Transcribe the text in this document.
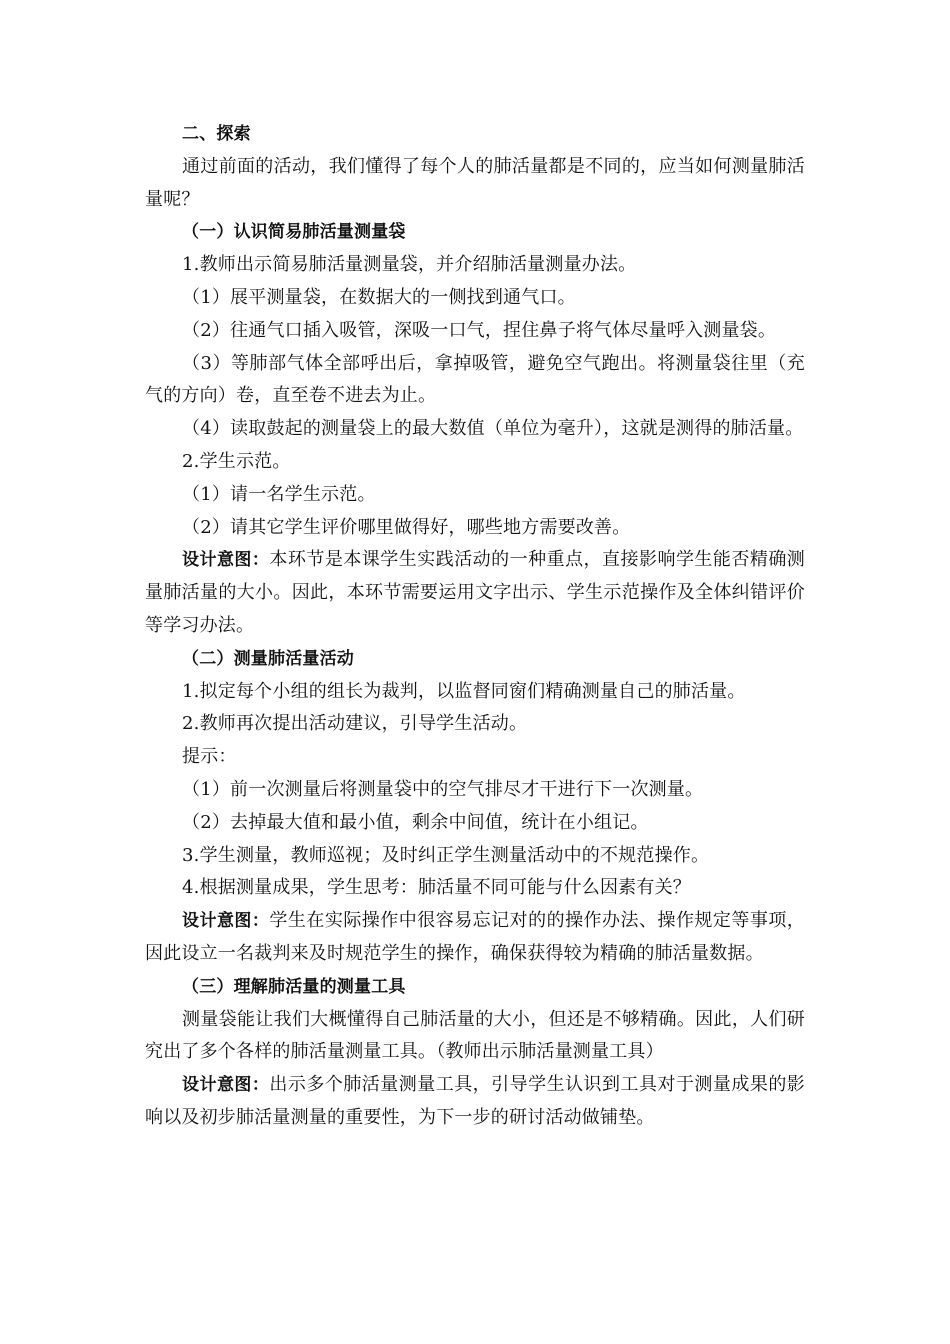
二、探索

通过前面的活动，我们懂得了每个人的肺活量都是不同的，应当如何测量肺活量呢？

（一）认识简易肺活量测量袋

1.教师出示简易肺活量测量袋，并介绍肺活量测量办法。

（1）展平测量袋，在数据大的一侧找到通气口。

（2）往通气口插入吸管，深吸一口气，捏住鼻子将气体尽量呼入测量袋。

（3）等肺部气体全部呼出后，拿掉吸管，避免空气跑出。将测量袋往里（充气的方向）卷，直至卷不进去为止。

（4）读取鼓起的测量袋上的最大数值（单位为毫升），这就是测得的肺活量。

2.学生示范。

（1）请一名学生示范。

（2）请其它学生评价哪里做得好，哪些地方需要改善。

设计意图：本环节是本课学生实践活动的一种重点，直接影响学生能否精确测量肺活量的大小。因此，本环节需要运用文字出示、学生示范操作及全体纠错评价等学习办法。

（二）测量肺活量活动

1.拟定每个小组的组长为裁判，以监督同窗们精确测量自己的肺活量。

2.教师再次提出活动建议，引导学生活动。

提示：

（1）前一次测量后将测量袋中的空气排尽才干进行下一次测量。

（2）去掉最大值和最小值，剩余中间值，统计在小组记。

3.学生测量，教师巡视；及时纠正学生测量活动中的不规范操作。

4.根据测量成果，学生思考：肺活量不同可能与什么因素有关？

设计意图：学生在实际操作中很容易忘记对的的操作办法、操作规定等事项，因此设立一名裁判来及时规范学生的操作，确保获得较为精确的肺活量数据。

（三）理解肺活量的测量工具

测量袋能让我们大概懂得自己肺活量的大小，但还是不够精确。因此，人们研究出了多个各样的肺活量测量工具。（教师出示肺活量测量工具）

设计意图：出示多个肺活量测量工具，引导学生认识到工具对于测量成果的影响以及初步肺活量测量的重要性，为下一步的研讨活动做铺垫。
